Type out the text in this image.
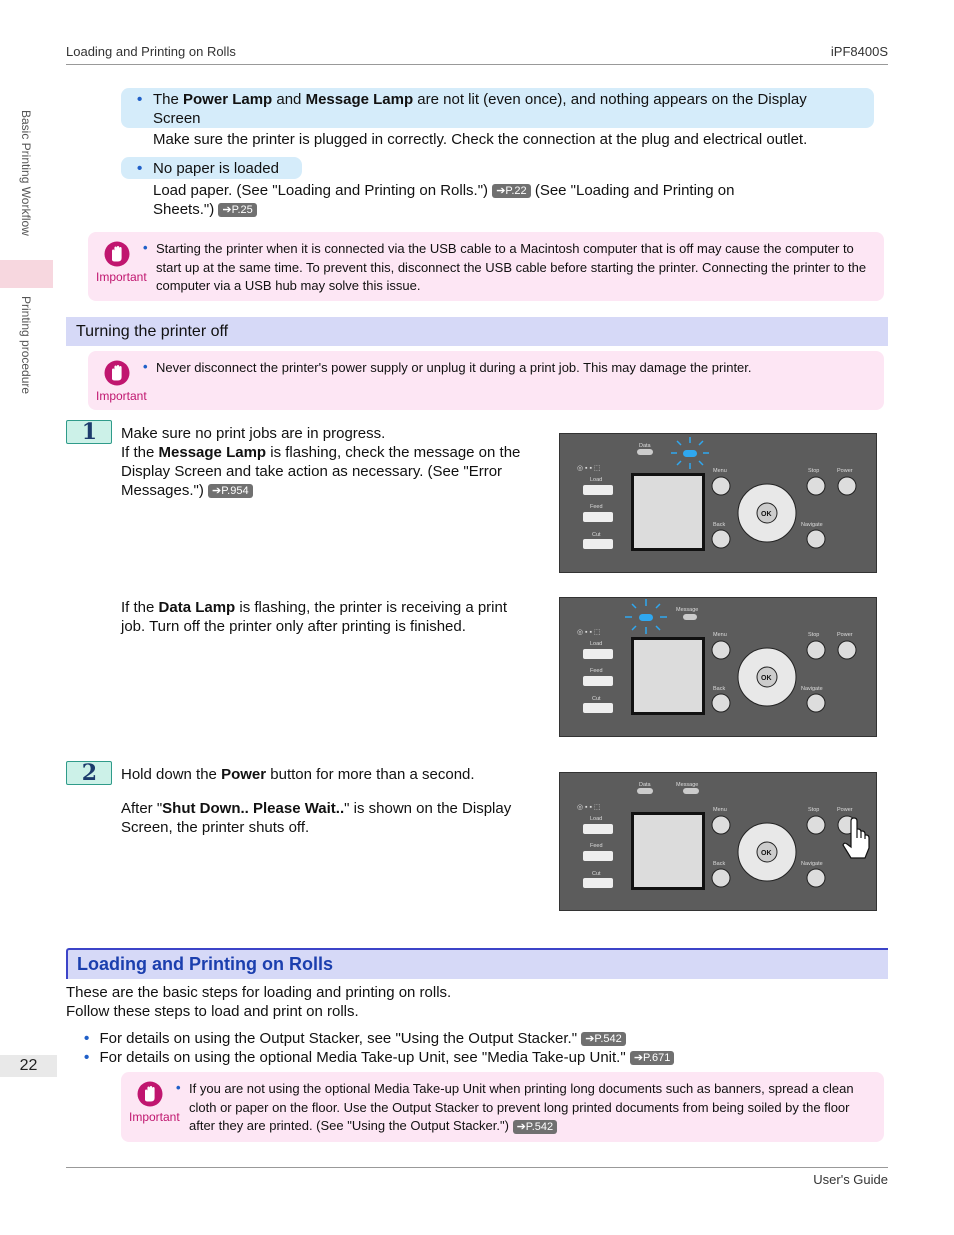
Loading and Printing on Rolls	iPF8400S
Basic Printing Workflow
Printing procedure
22
• The Power Lamp and Message Lamp are not lit (even once), and nothing appears on the Display
Screen
Make sure the printer is plugged in correctly. Check the connection at the plug and electrical outlet.
• No paper is loaded
Load paper. (See "Loading and Printing on Rolls.") ➔P.22 (See "Loading and Printing on
Sheets.") ➔P.25
Important
• Starting the printer when it is connected via the USB cable to a Macintosh computer that is off may cause the computer to
start up at the same time. To prevent this, disconnect the USB cable before starting the printer. Connecting the printer to the
computer via a USB hub may solve this issue.
Turning the printer off
Important
• Never disconnect the printer's power supply or unplug it during a print job. This may damage the printer.
1	Make sure no print jobs are in progress.
If the Message Lamp is flashing, check the message on the
Display Screen and take action as necessary. (See "Error
Messages.") ➔P.954
If the Data Lamp is flashing, the printer is receiving a print
job. Turn off the printer only after printing is finished.
Data
◎ ▪ ▪ ⬚
Load
Feed
Cut
Menu
Back
OK
Stop	Power
Navigate
Message
◎ ▪ ▪ ⬚
Load
Feed
Cut
Menu
Back
OK
Stop	Power
Navigate
2	Hold down the Power button for more than a second.
After "Shut Down.. Please Wait.." is shown on the Display
Screen, the printer shuts off.
Data	Message
◎ ▪ ▪ ⬚
Load
Feed
Cut
Menu
Back
OK
Stop	Power
Navigate
Loading and Printing on Rolls
These are the basic steps for loading and printing on rolls.
Follow these steps to load and print on rolls.
• For details on using the Output Stacker, see "Using the Output Stacker." ➔P.542
• For details on using the optional Media Take-up Unit, see "Media Take-up Unit." ➔P.671
Important
• If you are not using the optional Media Take-up Unit when printing long documents such as banners, spread a clean
cloth or paper on the floor. Use the Output Stacker to prevent long printed documents from being soiled by the floor
after they are printed. (See "Using the Output Stacker.") ➔P.542
User's Guide
